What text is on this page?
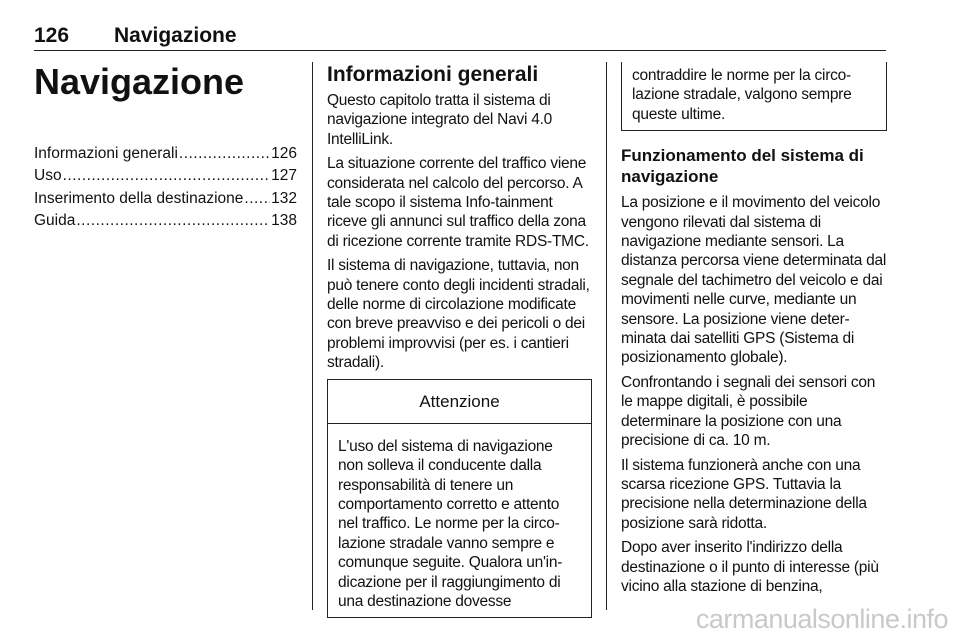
126 Navigazione
Navigazione
Informazioni generali .....	126
Uso .....	127
Inserimento della destinazione ..... 132
Guida .....	138
Informazioni generali

Questo capitolo tratta il sistema di navigazione integrato del Navi 4.0 IntelliLink.

La situazione corrente del traffico viene considerata nel calcolo del percorso. A tale scopo il sistema Info-tainment riceve gli annunci sul traffico della zona di ricezione corrente tramite RDS-TMC.

Il sistema di navigazione, tuttavia, non può tenere conto degli incidenti stradali, delle norme di circolazione modificate con breve preavviso e dei pericoli o dei problemi improvvisi (per es. i cantieri stradali).

Attenzione

L'uso del sistema di navigazione non solleva il conducente dalla responsabilità di tenere un comportamento corretto e attento nel traffico. Le norme per la circo-lazione stradale vanno sempre e comunque seguite. Qualora un'in-dicazione per il raggiungimento di una destinazione dovesse

contraddire le norme per la circo-lazione stradale, valgono sempre queste ultime.

Funzionamento del sistema di navigazione

La posizione e il movimento del veicolo vengono rilevati dal sistema di navigazione mediante sensori. La distanza percorsa viene determinata dal segnale del tachimetro del veicolo e dai movimenti nelle curve, mediante un sensore. La posizione viene deter-minata dai satelliti GPS (Sistema di posizionamento globale).

Confrontando i segnali dei sensori con le mappe digitali, è possibile determinare la posizione con una precisione di ca. 10 m.

Il sistema funzionerà anche con una scarsa ricezione GPS. Tuttavia la precisione nella determinazione della posizione sarà ridotta.

Dopo aver inserito l'indirizzo della destinazione o il punto di interesse (più vicino alla stazione di benzina,

carmanualsonline.info
